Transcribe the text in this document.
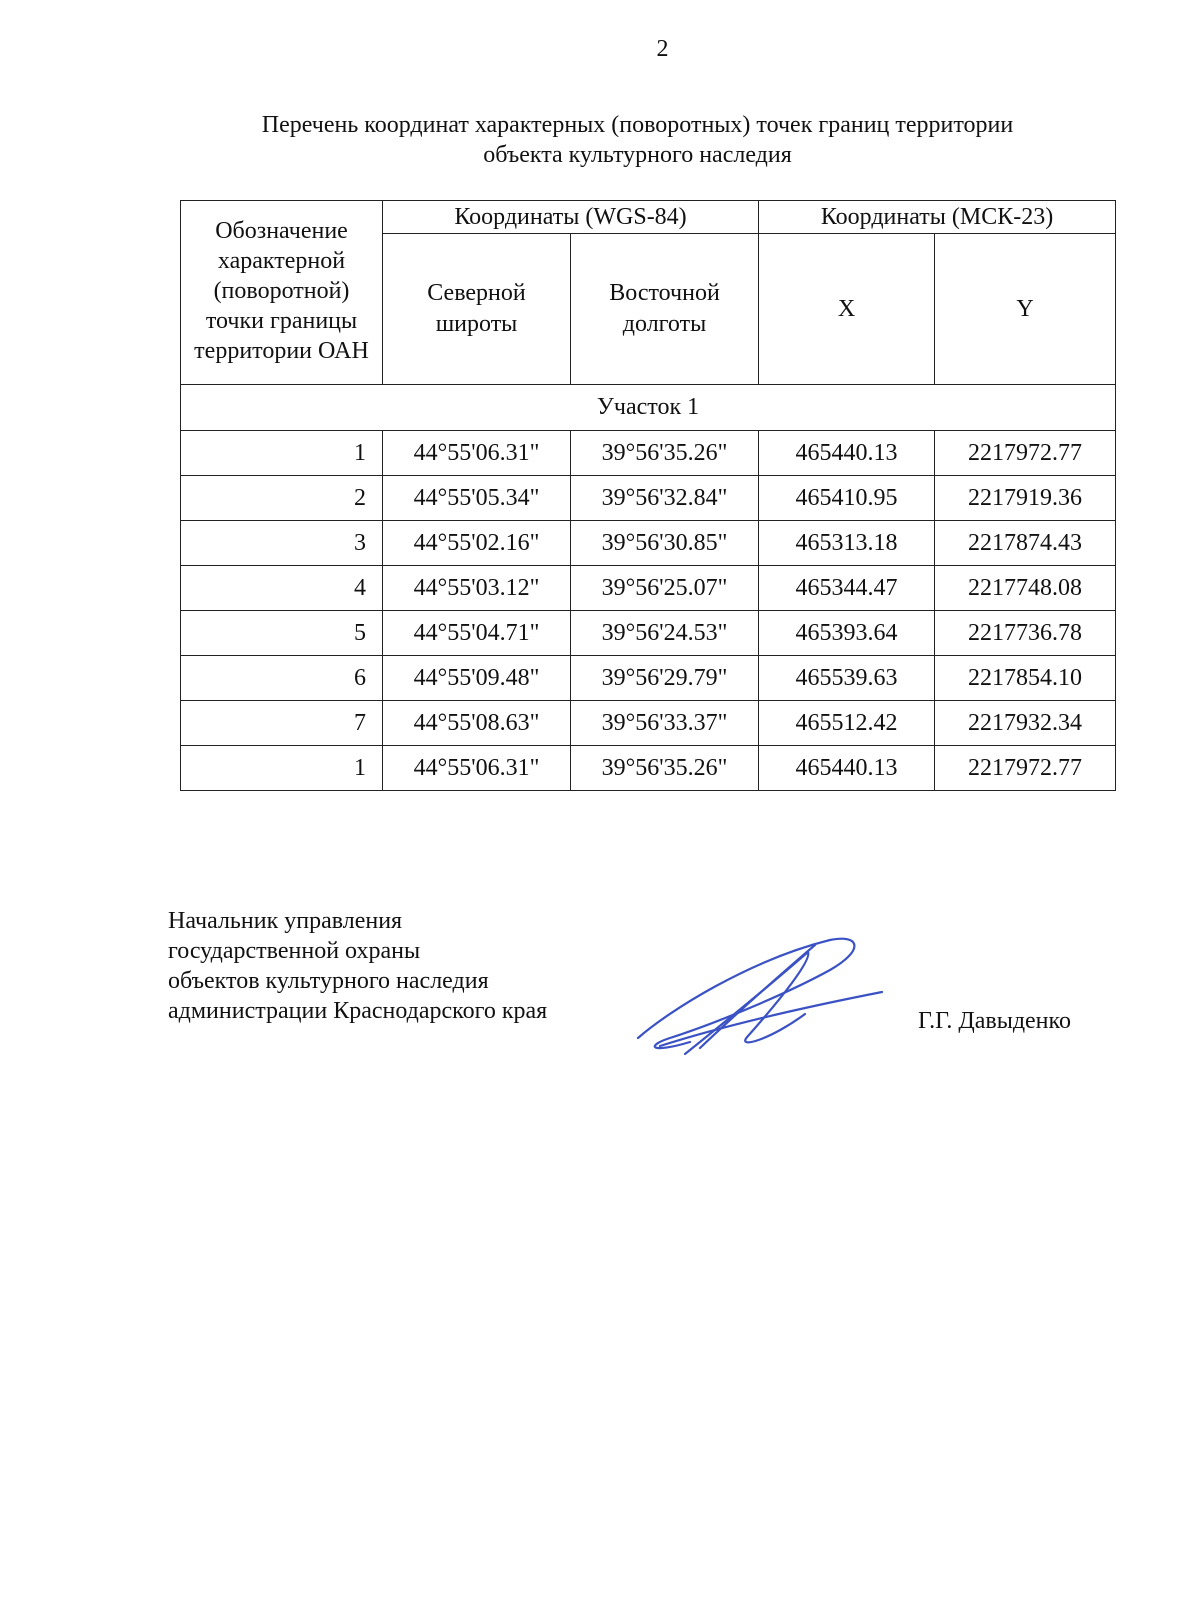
2
Перечень координат характерных (поворотных) точек границ территории
объекта культурного наследия
Обозначение характерной (поворотной) точки границы территории ОАН	Координаты (WGS-84)		Координаты (МСК-23)	
	Северной широты	Восточной долготы	X	Y
Участок 1				
1	44°55'06.31"	39°56'35.26"	465440.13	2217972.77
2	44°55'05.34"	39°56'32.84"	465410.95	2217919.36
3	44°55'02.16"	39°56'30.85"	465313.18	2217874.43
4	44°55'03.12"	39°56'25.07"	465344.47	2217748.08
5	44°55'04.71"	39°56'24.53"	465393.64	2217736.78
6	44°55'09.48"	39°56'29.79"	465539.63	2217854.10
7	44°55'08.63"	39°56'33.37"	465512.42	2217932.34
1	44°55'06.31"	39°56'35.26"	465440.13	2217972.77
Начальник управления
государственной охраны
объектов культурного наследия
администрации Краснодарского края	Г.Г. Давыденко
